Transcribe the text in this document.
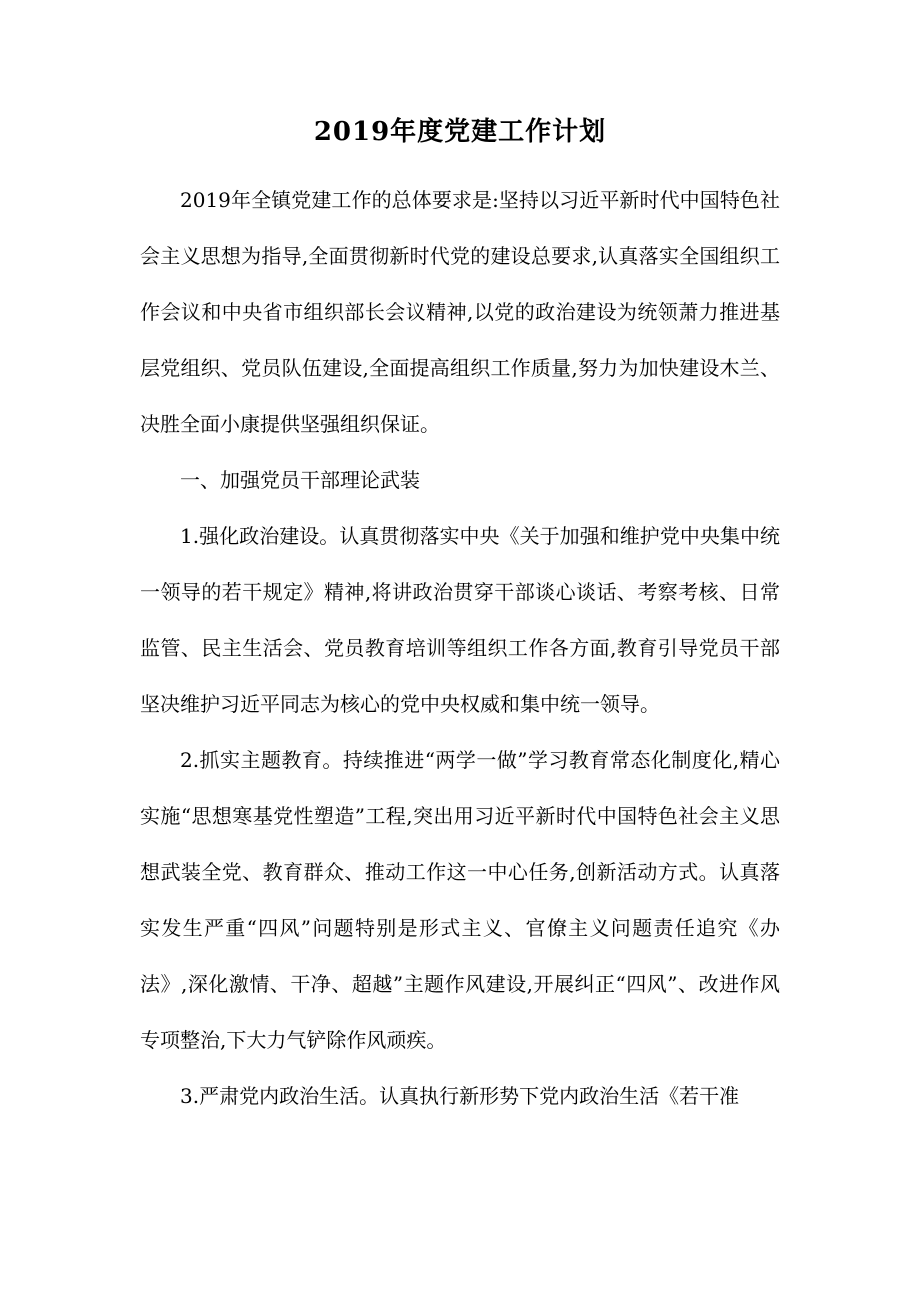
2019年度党建工作计划

2019年全镇党建工作的总体要求是:坚持以习近平新时代中国特色社会主义思想为指导,全面贯彻新时代党的建设总要求,认真落实全国组织工作会议和中央省市组织部长会议精神,以党的政治建设为统领萧力推进基层党组织、党员队伍建设,全面提高组织工作质量,努力为加快建设木兰、决胜全面小康提供坚强组织保证。

一、加强党员干部理论武装

1.强化政治建设。认真贯彻落实中央《关于加强和维护党中央集中统一领导的若干规定》精神,将讲政治贯穿干部谈心谈话、考察考核、日常监管、民主生活会、党员教育培训等组织工作各方面,教育引导党员干部坚决维护习近平同志为核心的党中央权威和集中统一领导。

2.抓实主题教育。持续推进“两学一做”学习教育常态化制度化,精心实施“思想寒基党性塑造”工程,突出用习近平新时代中国特色社会主义思想武装全党、教育群众、推动工作这一中心任务,创新活动方式。认真落实发生严重“四风”问题特别是形式主义、官僚主义问题责任追究《办法》,深化激情、干净、超越”主题作风建设,开展纠正“四风”、改进作风专项整治,下大力气铲除作风顽疾。

3.严肃党内政治生活。认真执行新形势下党内政治生活《若干准
